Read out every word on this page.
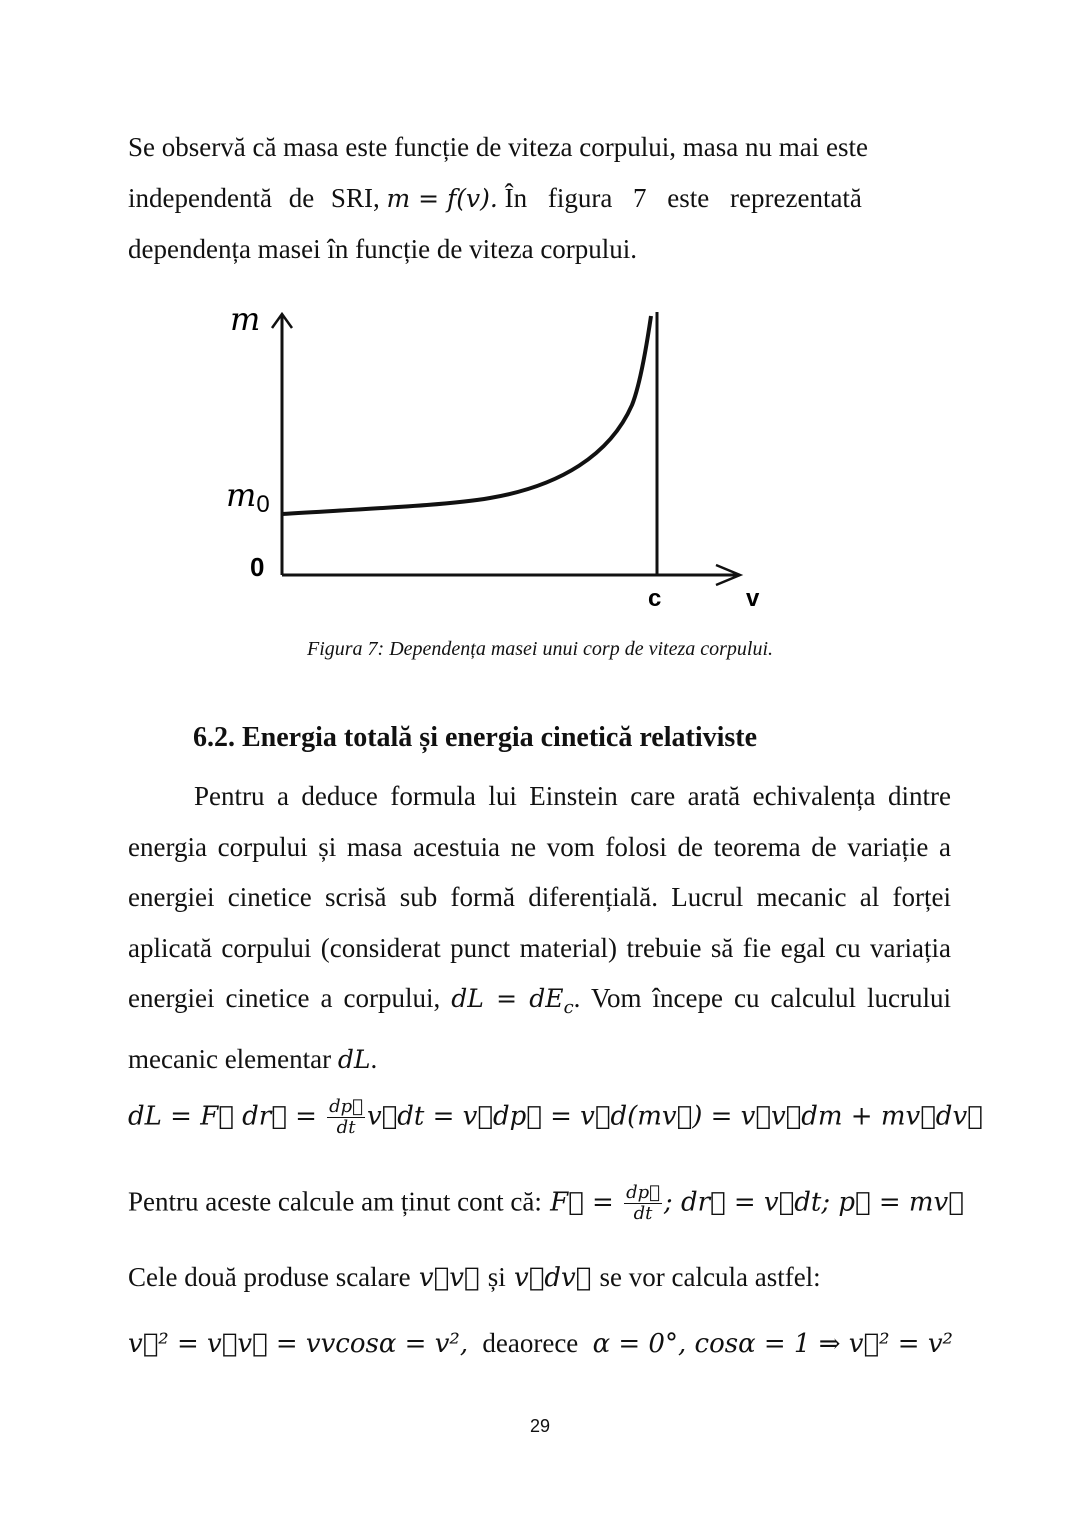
Se observă că masa este funcție de viteza corpului, masa nu mai este
independentă de SRI, m = f(v). În figura 7 este reprezentată
dependența masei în funcție de viteza corpului.

m
m0
0
c	v
Figura 7: Dependența masei unui corp de viteza corpului.
6.2. Energia totală și energia cinetică relativiste

Pentru a deduce formula lui Einstein care arată echivalența dintre energia corpului și masa acestuia ne vom folosi de teorema de variație a energiei cinetice scrisă sub formă diferențială. Lucrul mecanic al forței aplicată corpului (considerat punct material) trebuie să fie egal cu variația energiei cinetice a corpului, dL = $dE_c$. Vom începe cu calculul lucrului mecanic elementar dL.

dL = F⃗ dr⃗ = $\frac{dp⃗}{dt}$ v⃗dt = v⃗dp⃗ = v⃗d(mv⃗) = v⃗v⃗dm + mv⃗dv⃗
Pentru aceste calcule am ținut cont că: F⃗ = $\frac{dp⃗}{dt}$ ; dr⃗ = v⃗dt; p⃗ = mv⃗
Cele două produse scalare v⃗v⃗ și v⃗dv⃗ se vor calcula astfel:
v⃗² = v⃗v⃗ = vvcosα = v², deaorece α = 0°, cosα = 1 ⇒ v⃗² = v²
29
